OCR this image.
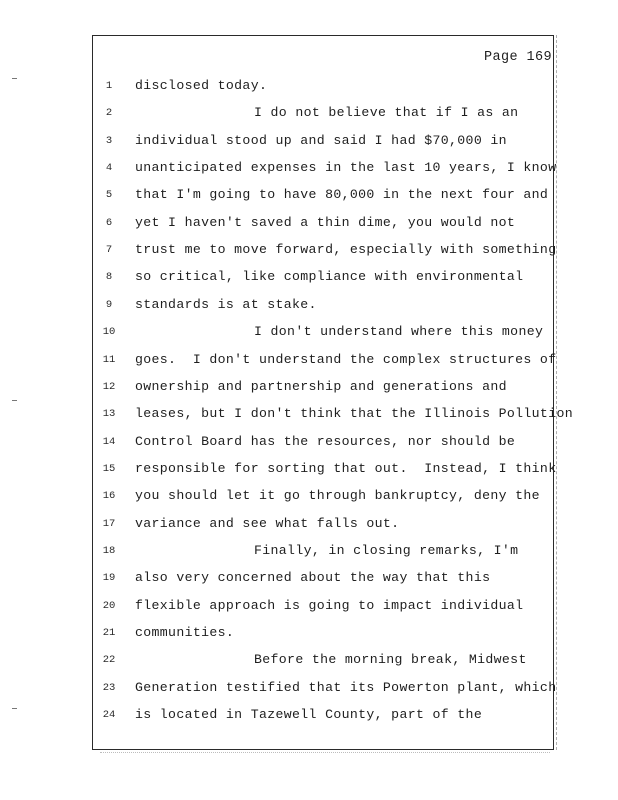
Page 169
1	disclosed today.
2	I do not believe that if I as an
3	individual stood up and said I had $70,000 in
4	unanticipated expenses in the last 10 years, I know
5	that I'm going to have 80,000 in the next four and
6	yet I haven't saved a thin dime, you would not
7	trust me to move forward, especially with something
8	so critical, like compliance with environmental
9	standards is at stake.
10	I don't understand where this money
11	goes.  I don't understand the complex structures of
12	ownership and partnership and generations and
13	leases, but I don't think that the Illinois Pollution
14	Control Board has the resources, nor should be
15	responsible for sorting that out.  Instead, I think
16	you should let it go through bankruptcy, deny the
17	variance and see what falls out.
18	Finally, in closing remarks, I'm
19	also very concerned about the way that this
20	flexible approach is going to impact individual
21	communities.
22	Before the morning break, Midwest
23	Generation testified that its Powerton plant, which
24	is located in Tazewell County, part of the
